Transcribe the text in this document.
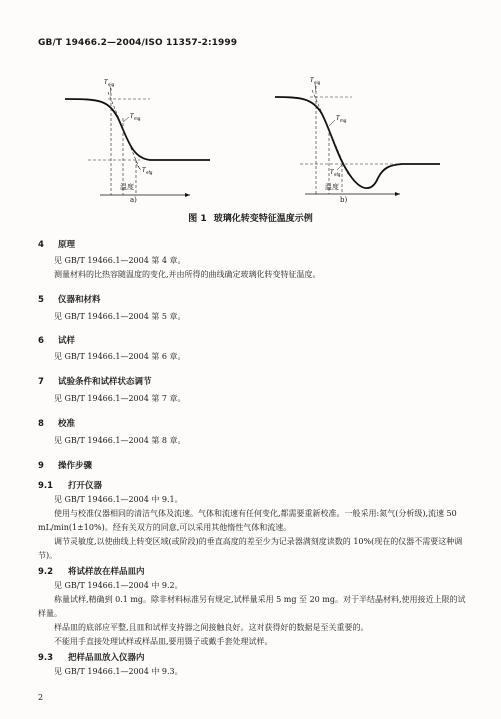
GB/T 19466.2—2004/ISO 11357-2:1999
T eig
T mg
T efg
T eig
T mg
T efg
温度
a)
温度
b)
图 1 玻璃化转变特征温度示例
4 原理
见 GB/T 19466.1—2004 第 4 章。
测量材料的比热容随温度的变化,并由所得的曲线确定玻璃化转变特征温度。
5 仪器和材料
见 GB/T 19466.1—2004 第 5 章。
6 试样
见 GB/T 19466.1—2004 第 6 章。
7 试验条件和试样状态调节
见 GB/T 19466.1—2004 第 7 章。
8 校准
见 GB/T 19466.1—2004 第 8 章。
9 操作步骤
9.1 打开仪器
见 GB/T 19466.1—2004 中 9.1。
使用与校准仪器相同的清洁气体及流速。气体和流速有任何变化,都需要重新校准。一般采用:氮气(分析级),流速 50 mL/min(1±10%)。经有关双方的同意,可以采用其他惰性气体和流速。
调节灵敏度,以使曲线上转变区域(或阶段)的垂直高度的差至少为记录器满刻度读数的 10%(现在的仪器不需要这种调节)。
9.2 将试样放在样品皿内
见 GB/T 19466.1—2004 中 9.2。
称量试样,精确到 0.1 mg。除非材料标准另有规定,试样量采用 5 mg 至 20 mg。对于半结晶材料,使用接近上限的试样量。
样品皿的底部应平整,且皿和试样支持器之间接触良好。这对获得好的数据是至关重要的。
不能用手直接处理试样或样品皿,要用镊子或戴手套处理试样。
9.3 把样品皿放入仪器内
见 GB/T 19466.1—2004 中 9.3。
2
